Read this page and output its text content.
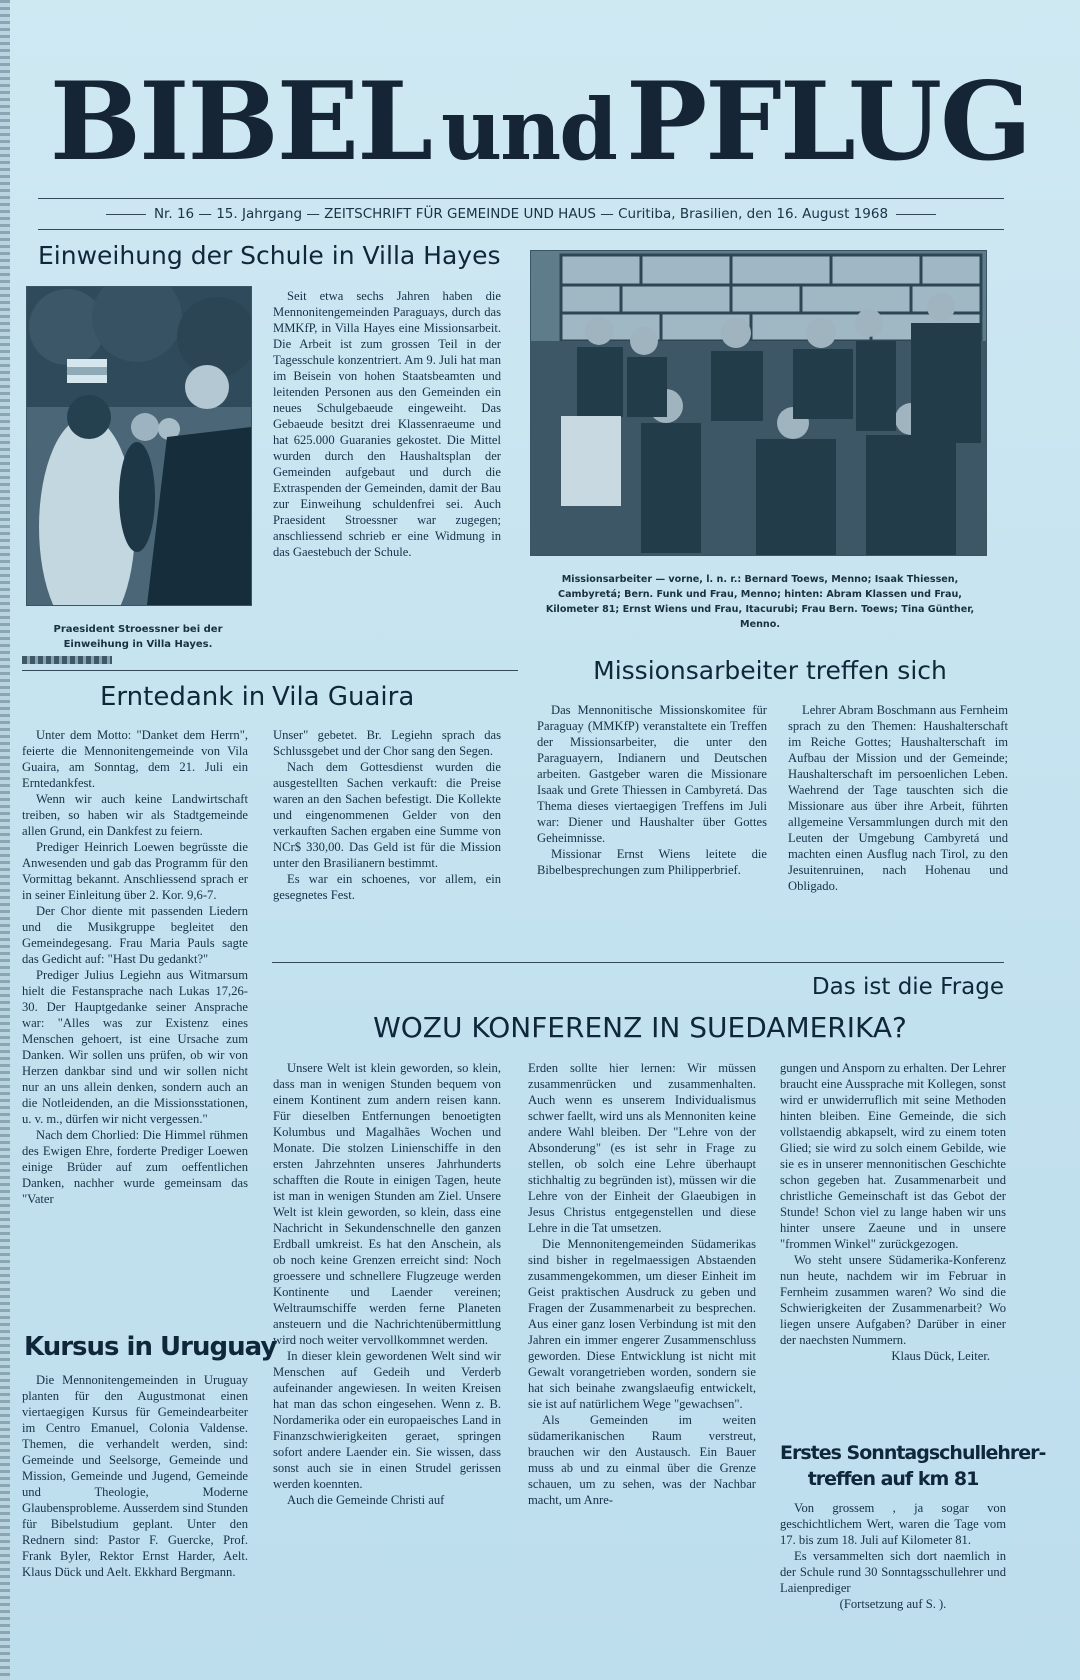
BIBEL undPFLUG
Nr. 16 — 15. Jahrgang — ZEITSCHRIFT FÜR GEMEINDE UND HAUS — Curitiba, Brasilien, den 16. August 1968
Einweihung der Schule in Villa Hayes
Praesident Stroessner bei der Einweihung in Villa Hayes.

Seit etwa sechs Jahren haben die Mennonitengemeinden Paraguays, durch das MMKfP, in Villa Hayes eine Missionsarbeit. Die Arbeit ist zum grossen Teil in der Tagesschule konzentriert. Am 9. Juli hat man im Beisein von hohen Staatsbeamten und leitenden Personen aus den Gemeinden ein neues Schulgebaeude eingeweiht. Das Gebaeude besitzt drei Klassenraeume und hat 625.000 Guaranies gekostet. Die Mittel wurden durch den Haushaltsplan der Gemeinden aufgebaut und durch die Extraspenden der Gemeinden, damit der Bau zur Einweihung schuldenfrei sei. Auch Praesident Stroessner war zugegen; anschliessend schrieb er eine Widmung in das Gaestebuch der Schule.

Missionsarbeiter — vorne, l. n. r.: Bernard Toews, Menno; Isaak Thiessen, Cambyretá; Bern. Funk und Frau, Menno; hinten: Abram Klassen und Frau, Kilometer 81; Ernst Wiens und Frau, Itacurubi; Frau Bern. Toews; Tina Günther, Menno.
Missionsarbeiter treffen sich

Das Mennonitische Missionskomitee für Paraguay (MMKfP) veranstaltete ein Treffen der Missionsarbeiter, die unter den Paraguayern, Indianern und Deutschen arbeiten. Gastgeber waren die Missionare Isaak und Grete Thiessen in Cambyretá. Das Thema dieses viertaegigen Treffens im Juli war: Diener und Haushalter über Gottes Geheimnisse.

Missionar Ernst Wiens leitete die Bibelbesprechungen zum Philipperbrief.

Lehrer Abram Boschmann aus Fernheim sprach zu den Themen: Haushalterschaft im Reiche Gottes; Haushalterschaft im Aufbau der Mission und der Gemeinde; Haushalterschaft im persoenlichen Leben. Waehrend der Tage tauschten sich die Missionare aus über ihre Arbeit, führten allgemeine Versammlungen durch mit den Leuten der Umgebung Cambyretá und machten einen Ausflug nach Tirol, zu den Jesuitenruinen, nach Hohenau und Obligado.

Erntedank in Vila Guaira

Unter dem Motto: "Danket dem Herrn", feierte die Mennonitengemeinde von Vila Guaira, am Sonntag, dem 21. Juli ein Erntedankfest.

Wenn wir auch keine Landwirtschaft treiben, so haben wir als Stadtgemeinde allen Grund, ein Dankfest zu feiern.

Prediger Heinrich Loewen begrüsste die Anwesenden und gab das Programm für den Vormittag bekannt. Anschliessend sprach er in seiner Einleitung über 2. Kor. 9,6-7.

Der Chor diente mit passenden Liedern und die Musikgruppe begleitet den Gemeindegesang. Frau Maria Pauls sagte das Gedicht auf: "Hast Du gedankt?"

Prediger Julius Legiehn aus Witmarsum hielt die Festansprache nach Lukas 17,26-30. Der Hauptgedanke seiner Ansprache war: "Alles was zur Existenz eines Menschen gehoert, ist eine Ursache zum Danken. Wir sollen uns prüfen, ob wir von Herzen dankbar sind und wir sollen nicht nur an uns allein denken, sondern auch an die Notleidenden, an die Missionsstationen, u. v. m., dürfen wir nicht vergessen."

Nach dem Chorlied: Die Himmel rühmen des Ewigen Ehre, forderte Prediger Loewen einige Brüder auf zum oeffentlichen Danken, nachher wurde gemeinsam das "Vater

Unser" gebetet. Br. Legiehn sprach das Schlussgebet und der Chor sang den Segen.

Nach dem Gottesdienst wurden die ausgestellten Sachen verkauft: die Preise waren an den Sachen befestigt. Die Kollekte und eingenommenen Gelder von den verkauften Sachen ergaben eine Summe von NCr$ 330,00. Das Geld ist für die Mission unter den Brasilianern bestimmt.

Es war ein schoenes, vor allem, ein gesegnetes Fest.

Kursus in Uruguay

Die Mennonitengemeinden in Uruguay planten für den Augustmonat einen viertaegigen Kursus für Gemeindearbeiter im Centro Emanuel, Colonia Valdense. Themen, die verhandelt werden, sind: Gemeinde und Seelsorge, Gemeinde und Mission, Gemeinde und Jugend, Gemeinde und Theologie, Moderne Glaubensprobleme. Ausserdem sind Stunden für Bibelstudium geplant. Unter den Rednern sind: Pastor F. Guercke, Prof. Frank Byler, Rektor Ernst Harder, Aelt. Klaus Dück und Aelt. Ekkhard Bergmann.

Das ist die Frage
WOZU KONFERENZ IN SUEDAMERIKA?

Unsere Welt ist klein geworden, so klein, dass man in wenigen Stunden bequem von einem Kontinent zum andern reisen kann. Für dieselben Entfernungen benoetigten Kolumbus und Magalhães Wochen und Monate. Die stolzen Linienschiffe in den ersten Jahrzehnten unseres Jahrhunderts schafften die Route in einigen Tagen, heute ist man in wenigen Stunden am Ziel. Unsere Welt ist klein geworden, so klein, dass eine Nachricht in Sekundenschnelle den ganzen Erdball umkreist. Es hat den Anschein, als ob noch keine Grenzen erreicht sind: Noch groessere und schnellere Flugzeuge werden Kontinente und Laender vereinen; Weltraumschiffe werden ferne Planeten ansteuern und die Nachrichtenübermittlung wird noch weiter vervollkommnet werden.

In dieser klein gewordenen Welt sind wir Menschen auf Gedeih und Verderb aufeinander angewiesen. In weiten Kreisen hat man das schon eingesehen. Wenn z. B. Nordamerika oder ein europaeisches Land in Finanzschwierigkeiten geraet, springen sofort andere Laender ein. Sie wissen, dass sonst auch sie in einen Strudel gerissen werden koennten.

Auch die Gemeinde Christi auf

Erden sollte hier lernen: Wir müssen zusammenrücken und zusammenhalten. Auch wenn es unserem Individualismus schwer faellt, wird uns als Mennoniten keine andere Wahl bleiben. Der "Lehre von der Absonderung" (es ist sehr in Frage zu stellen, ob solch eine Lehre überhaupt stichhaltig zu begründen ist), müssen wir die Lehre von der Einheit der Glaeubigen in Jesus Christus entgegenstellen und diese Lehre in die Tat umsetzen.

Die Mennonitengemeinden Südamerikas sind bisher in regelmaessigen Abstaenden zusammengekommen, um dieser Einheit im Geist praktischen Ausdruck zu geben und Fragen der Zusammenarbeit zu besprechen. Aus einer ganz losen Verbindung ist mit den Jahren ein immer engerer Zusammenschluss geworden. Diese Entwicklung ist nicht mit Gewalt vorangetrieben worden, sondern sie hat sich beinahe zwangslaeufig entwickelt, sie ist auf natürlichem Wege "gewachsen".

Als Gemeinden im weiten südamerikanischen Raum verstreut, brauchen wir den Austausch. Ein Bauer muss ab und zu einmal über die Grenze schauen, um zu sehen, was der Nachbar macht, um Anre-

gungen und Ansporn zu erhalten. Der Lehrer braucht eine Aussprache mit Kollegen, sonst wird er unwiderruflich mit seine Methoden hinten bleiben. Eine Gemeinde, die sich vollstaendig abkapselt, wird zu einem toten Glied; sie wird zu solch einem Gebilde, wie sie es in unserer mennonitischen Geschichte schon gegeben hat. Zusammenarbeit und christliche Gemeinschaft ist das Gebot der Stunde! Schon viel zu lange haben wir uns hinter unsere Zaeune und in unsere "frommen Winkel" zurückgezogen.

Wo steht unsere Südamerika-Konferenz nun heute, nachdem wir im Februar in Fernheim zusammen waren? Wo sind die Schwierigkeiten der Zusammenarbeit? Wo liegen unsere Aufgaben? Darüber in einer der naechsten Nummern.

Klaus Dück, Leiter.

Erstes Sonntagschullehrer-
treffen auf km 81

Von grossem , ja sogar von geschichtlichem Wert, waren die Tage vom 17. bis zum 18. Juli auf Kilometer 81.

Es versammelten sich dort naemlich in der Schule rund 30 Sonntagsschullehrer und Laienprediger

(Fortsetzung auf S. ).
